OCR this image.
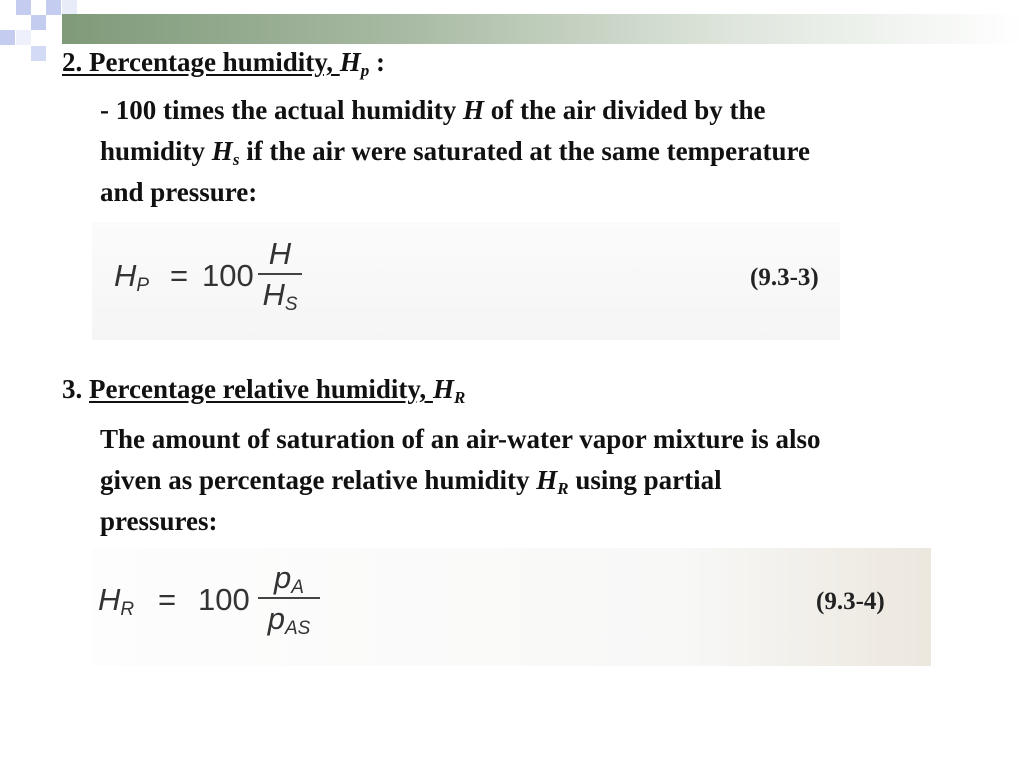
2. Percentage humidity, $H_p$ :
- 100 times the actual humidity H of the air divided by the
humidity $H_s$ if the air were saturated at the same temperature
and pressure:
$H_P = 100$
H
$H_S$
(9.3-3)
3. Percentage relative humidity, $H_R$
The amount of saturation of an air-water vapor mixture is also
given as percentage relative humidity $H_R$ using partial
pressures:
$H_R = 100$
$p_A$
$p_{AS}$
(9.3-4)
